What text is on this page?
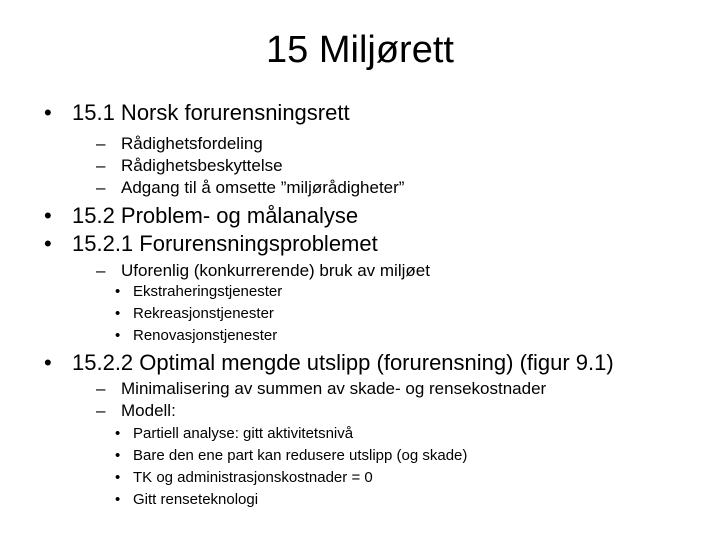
15 Miljørett
• 15.1 Norsk forurensningsrett
– Rådighetsfordeling
– Rådighetsbeskyttelse
– Adgang til å omsette ”miljørådigheter”
• 15.2 Problem- og målanalyse
• 15.2.1 Forurensningsproblemet
– Uforenlig (konkurrerende) bruk av miljøet
• Ekstraheringstjenester
• Rekreasjonstjenester
• Renovasjonstjenester
• 15.2.2 Optimal mengde utslipp (forurensning) (figur 9.1)
– Minimalisering av summen av skade- og rensekostnader
– Modell:
• Partiell analyse: gitt aktivitetsnivå
• Bare den ene part kan redusere utslipp (og skade)
• TK og administrasjonskostnader = 0
• Gitt renseteknologi
